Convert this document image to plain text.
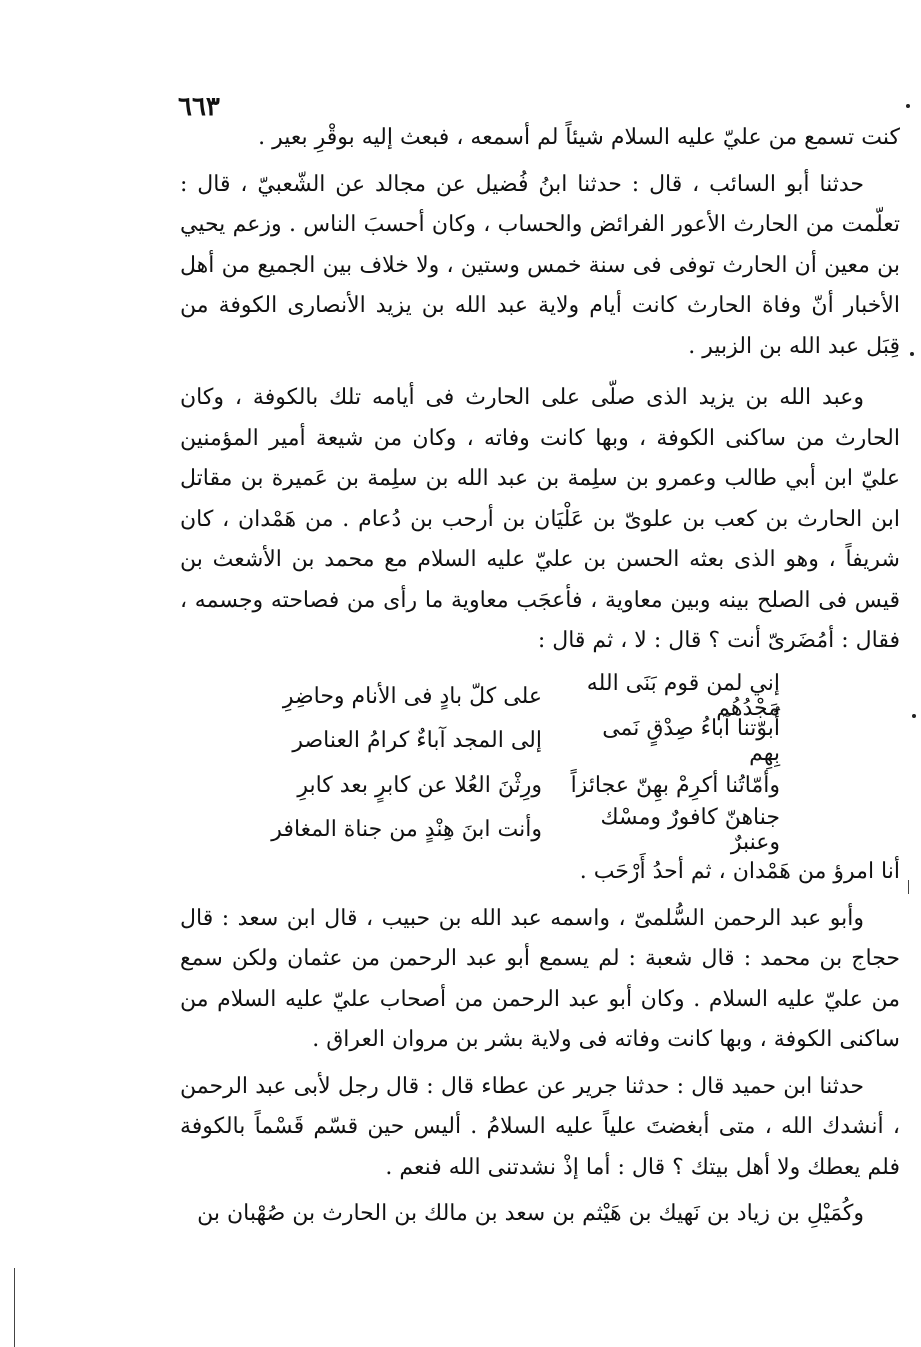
٦٦٣

كنت تسمع من عليّ عليه السلام شيئاً لم أسمعه ، فبعث إليه بوقْرِ بعير .

حدثنا أبو السائب ، قال : حدثنا ابنُ فُضيل عن مجالد عن الشّعبيّ ، قال : تعلّمت من الحارث الأعور الفرائض والحساب ، وكان أحسبَ الناس . وزعم يحيي بن معين أن الحارث توفى فى سنة خمس وستين ، ولا خلاف بين الجميع من أهل الأخبار أنّ وفاة الحارث كانت أيام ولاية عبد الله بن يزيد الأنصارى الكوفة من قِبَل عبد الله بن الزبير .

وعبد الله بن يزيد الذى صلّى على الحارث فى أيامه تلك بالكوفة ، وكان الحارث من ساكنى الكوفة ، وبها كانت وفاته ، وكان من شيعة أمير المؤمنين عليّ ابن أبي طالب وعمرو بن سلِمة بن عبد الله بن سلِمة بن عَميرة بن مقاتل ابن الحارث بن كعب بن علوىّ بن عَلْيَان بن أرحب بن دُعام . من هَمْدان ، كان شريفاً ، وهو الذى بعثه الحسن بن عليّ عليه السلام مع محمد بن الأشعث بن قيس فى الصلح بينه وبين معاوية ، فأعجَب معاوية ما رأى من فصاحته وجسمه ، فقال : أمُضَرىّ أنت ؟ قال : لا ، ثم قال :

إني لمن قوم بَنَى الله مَجْدُهُم
على كلّ بادٍ فى الأنام وحاضِرِ
أُبوّتنا آباءُ صِدْقٍ نَمى بِهِم
إلى المجد آباءٌ كرامُ العناصر
وأمّاتُنا أكرِمْ بهِنّ عجائزاً
ورِثْنَ العُلا عن كابرٍ بعد كابرِ
جناهنّ كافورٌ ومسْك وعنبرٌ
وأنت ابنَ هِنْدٍ من جناة المغافر

أنا امرؤ من هَمْدان ، ثم أحدُ أَرْحَب .

وأبو عبد الرحمن السُّلمىّ ، واسمه عبد الله بن حبيب ، قال ابن سعد : قال حجاج بن محمد : قال شعبة : لم يسمع أبو عبد الرحمن من عثمان ولكن سمع من عليّ عليه السلام . وكان أبو عبد الرحمن من أصحاب عليّ عليه السلام من ساكنى الكوفة ، وبها كانت وفاته فى ولاية بشر بن مروان العراق .

حدثنا ابن حميد قال : حدثنا جرير عن عطاء قال : قال رجل لأبى عبد الرحمن ، أنشدك الله ، متى أبغضتَ علياً عليه السلامُ . أليس حين قسّم قَسْماً بالكوفة فلم يعطك ولا أهل بيتك ؟ قال : أما إذْ نشدتنى الله فنعم .

وكُمَيْلِ بن زياد بن نَهيك بن هَيْثم بن سعد بن مالك بن الحارث بن صُهْبان بن
